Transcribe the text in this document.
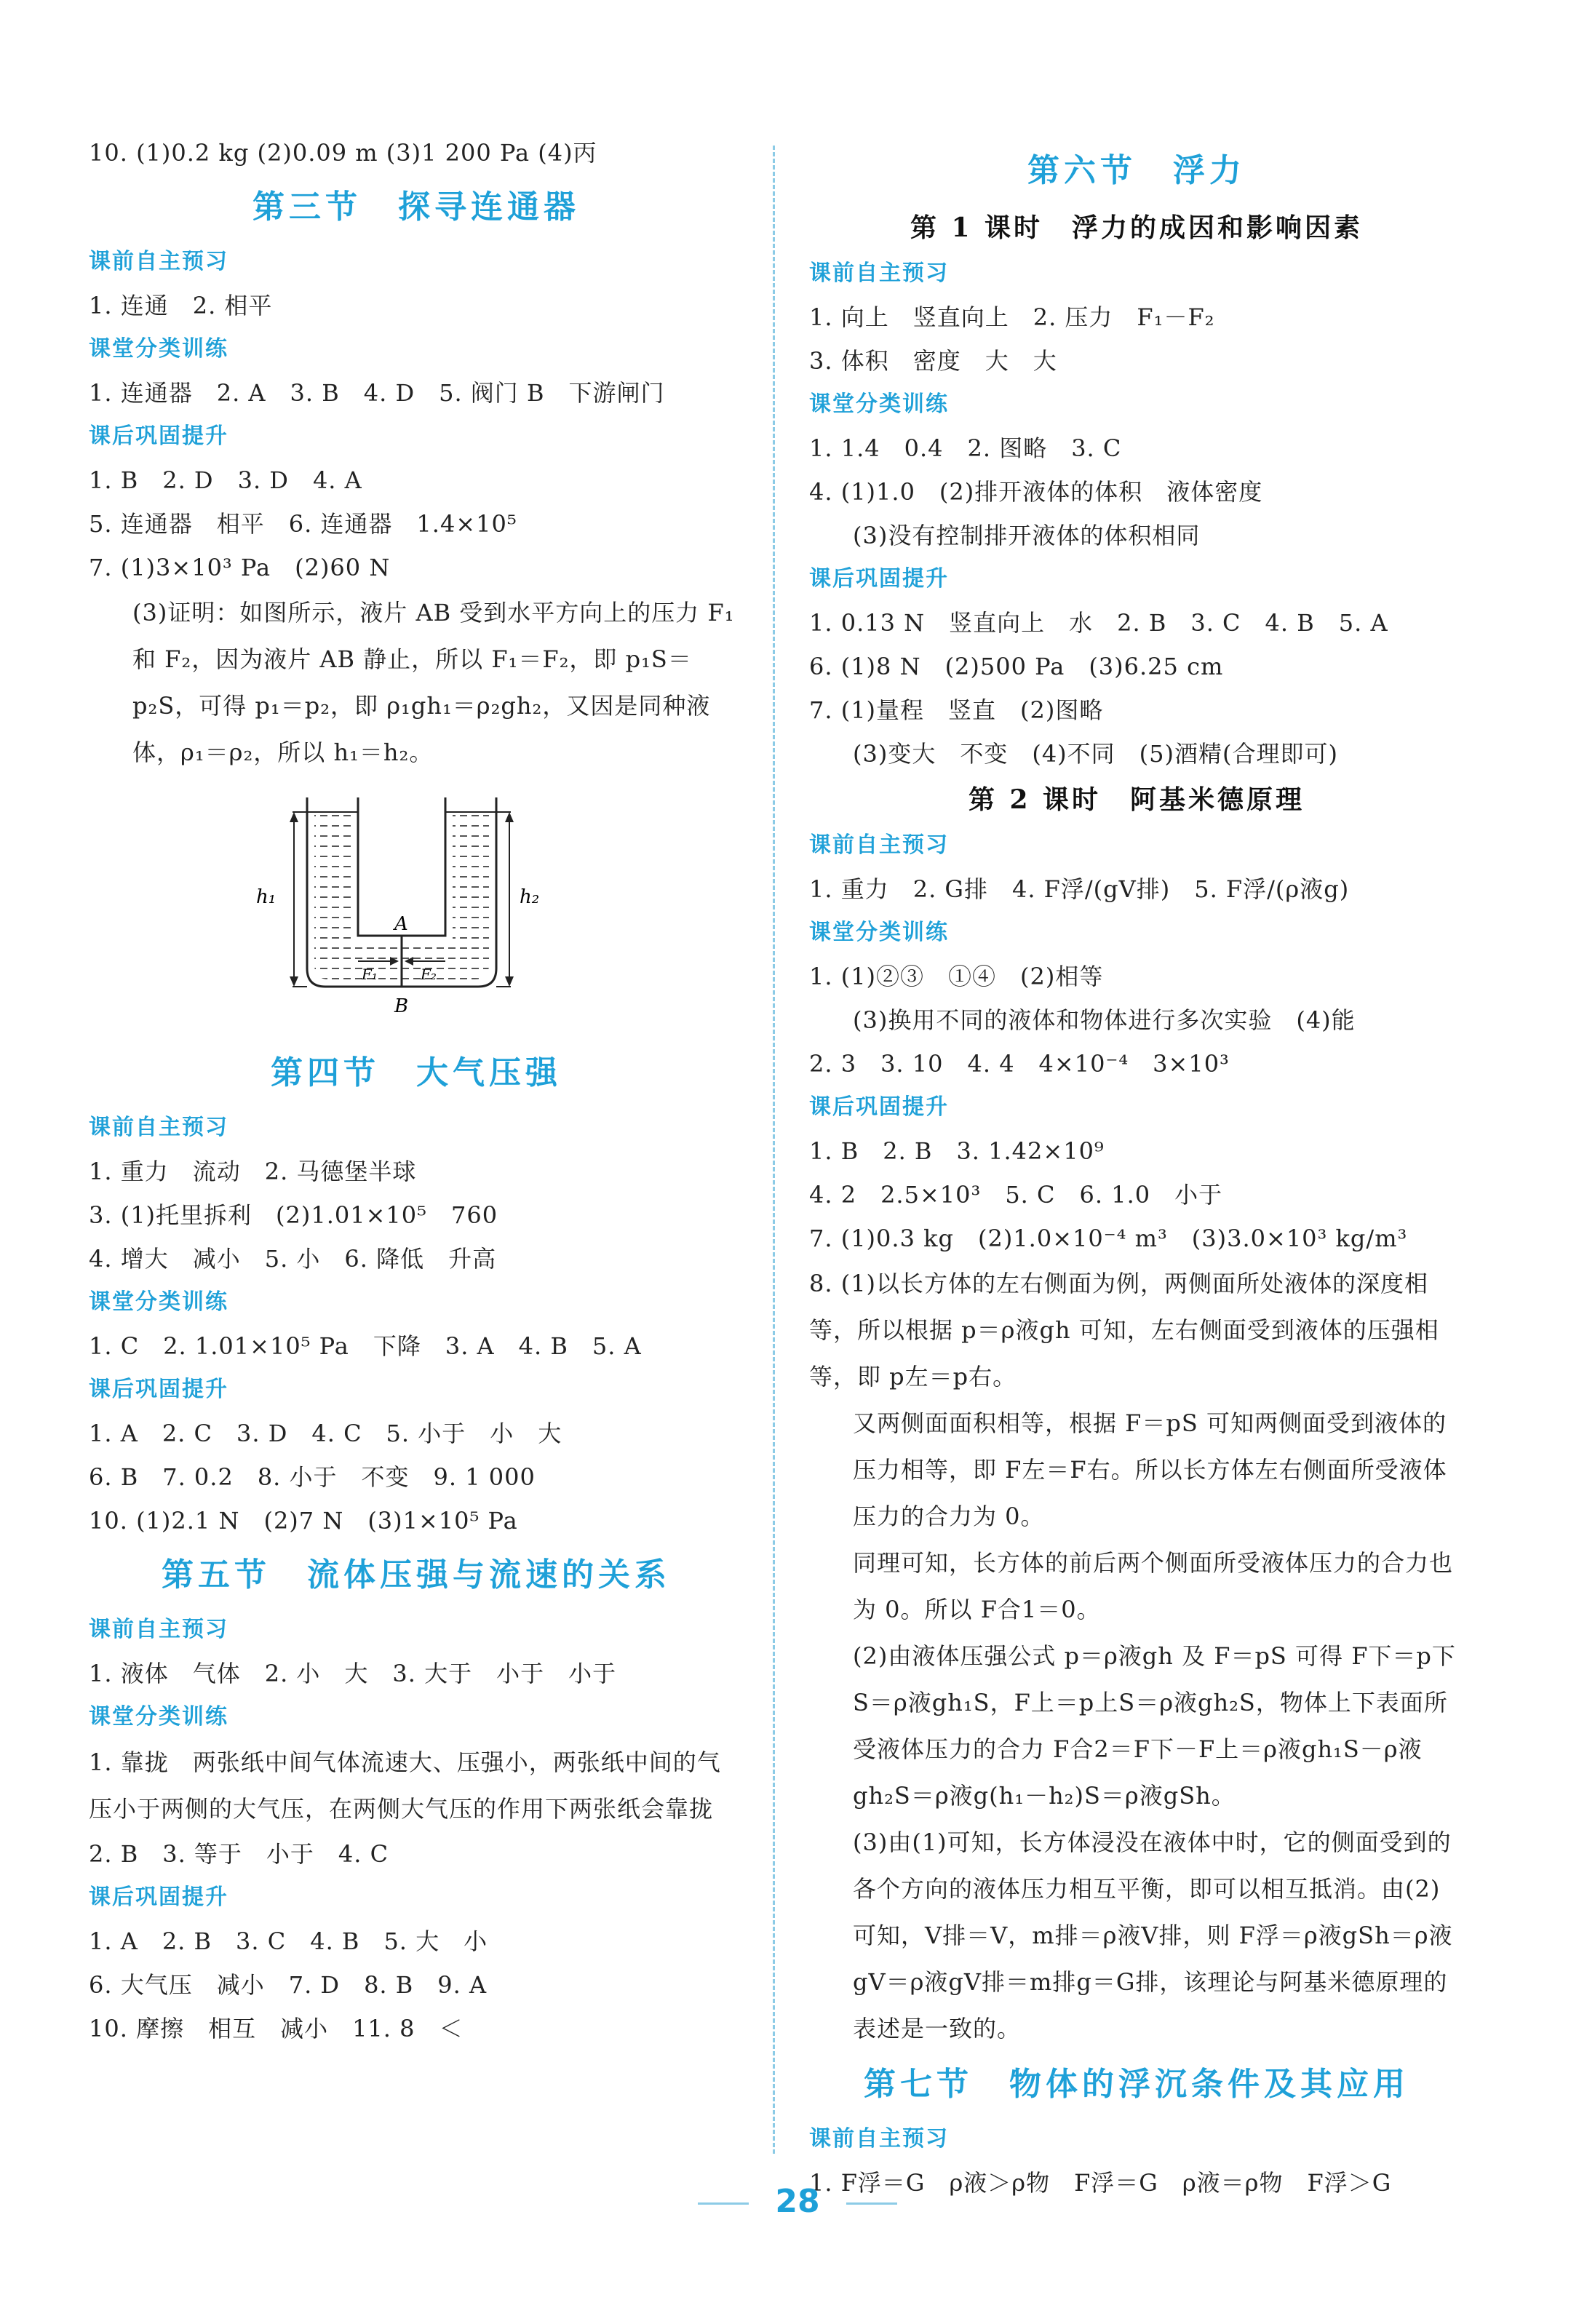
10. (1)0.2 kg (2)0.09 m (3)1 200 Pa (4)丙
第三节　探寻连通器
课前自主预习
1. 连通　2. 相平
课堂分类训练
1. 连通器　2. A　3. B　4. D　5. 阀门 B　下游闸门
课后巩固提升
1. B　2. D　3. D　4. A
5. 连通器　相平　6. 连通器　1.4×10⁵
7. (1)3×10³ Pa　(2)60 N
(3)证明：如图所示，液片 AB 受到水平方向上的压力 F₁ 和 F₂，因为液片 AB 静止，所以 F₁＝F₂，即 p₁S＝p₂S，可得 p₁＝p₂，即 ρ₁gh₁＝ρ₂gh₂，又因是同种液体，ρ₁＝ρ₂，所以 h₁＝h₂。
h₁	h₂
A
B
F₁	F₂
第四节　大气压强
课前自主预习
1. 重力　流动　2. 马德堡半球
3. (1)托里拆利　(2)1.01×10⁵　760
4. 增大　减小　5. 小　6. 降低　升高
课堂分类训练
1. C　2. 1.01×10⁵ Pa　下降　3. A　4. B　5. A
课后巩固提升
1. A　2. C　3. D　4. C　5. 小于　小　大
6. B　7. 0.2　8. 小于　不变　9. 1 000
10. (1)2.1 N　(2)7 N　(3)1×10⁵ Pa
第五节　流体压强与流速的关系
课前自主预习
1. 液体　气体　2. 小　大　3. 大于　小于　小于
课堂分类训练
1. 靠拢　两张纸中间气体流速大、压强小，两张纸中间的气压小于两侧的大气压，在两侧大气压的作用下两张纸会靠拢
2. B　3. 等于　小于　4. C
课后巩固提升
1. A　2. B　3. C　4. B　5. 大　小
6. 大气压　减小　7. D　8. B　9. A
10. 摩擦　相互　减小　11. 8　＜
第六节　浮力
第 1 课时　浮力的成因和影响因素
课前自主预习
1. 向上　竖直向上　2. 压力　F₁－F₂
3. 体积　密度　大　大
课堂分类训练
1. 1.4　0.4　2. 图略　3. C
4. (1)1.0　(2)排开液体的体积　液体密度
(3)没有控制排开液体的体积相同
课后巩固提升
1. 0.13 N　竖直向上　水　2. B　3. C　4. B　5. A
6. (1)8 N　(2)500 Pa　(3)6.25 cm
7. (1)量程　竖直　(2)图略
(3)变大　不变　(4)不同　(5)酒精(合理即可)
第 2 课时　阿基米德原理
课前自主预习
1. 重力　2. G排　4. F浮/(gV排)　5. F浮/(ρ液g)
课堂分类训练
1. (1)②③　①④　(2)相等
(3)换用不同的液体和物体进行多次实验　(4)能
2. 3　3. 10　4. 4　4×10⁻⁴　3×10³
课后巩固提升
1. B　2. B　3. 1.42×10⁹
4. 2　2.5×10³　5. C　6. 1.0　小于
7. (1)0.3 kg　(2)1.0×10⁻⁴ m³　(3)3.0×10³ kg/m³
8. (1)以长方体的左右侧面为例，两侧面所处液体的深度相等，所以根据 p＝ρ液gh 可知，左右侧面受到液体的压强相等，即 p左＝p右。
又两侧面面积相等，根据 F＝pS 可知两侧面受到液体的压力相等，即 F左＝F右。所以长方体左右侧面所受液体压力的合力为 0。
同理可知，长方体的前后两个侧面所受液体压力的合力也为 0。所以 F合1＝0。
(2)由液体压强公式 p＝ρ液gh 及 F＝pS 可得 F下＝p下S＝ρ液gh₁S，F上＝p上S＝ρ液gh₂S，物体上下表面所受液体压力的合力 F合2＝F下－F上＝ρ液gh₁S－ρ液gh₂S＝ρ液g(h₁－h₂)S＝ρ液gSh。
(3)由(1)可知，长方体浸没在液体中时，它的侧面受到的各个方向的液体压力相互平衡，即可以相互抵消。由(2)可知，V排＝V，m排＝ρ液V排，则 F浮＝ρ液gSh＝ρ液gV＝ρ液gV排＝m排g＝G排，该理论与阿基米德原理的表述是一致的。
第七节　物体的浮沉条件及其应用
课前自主预习
1. F浮＝G　ρ液＞ρ物　F浮＝G　ρ液＝ρ物　F浮＞G
28
